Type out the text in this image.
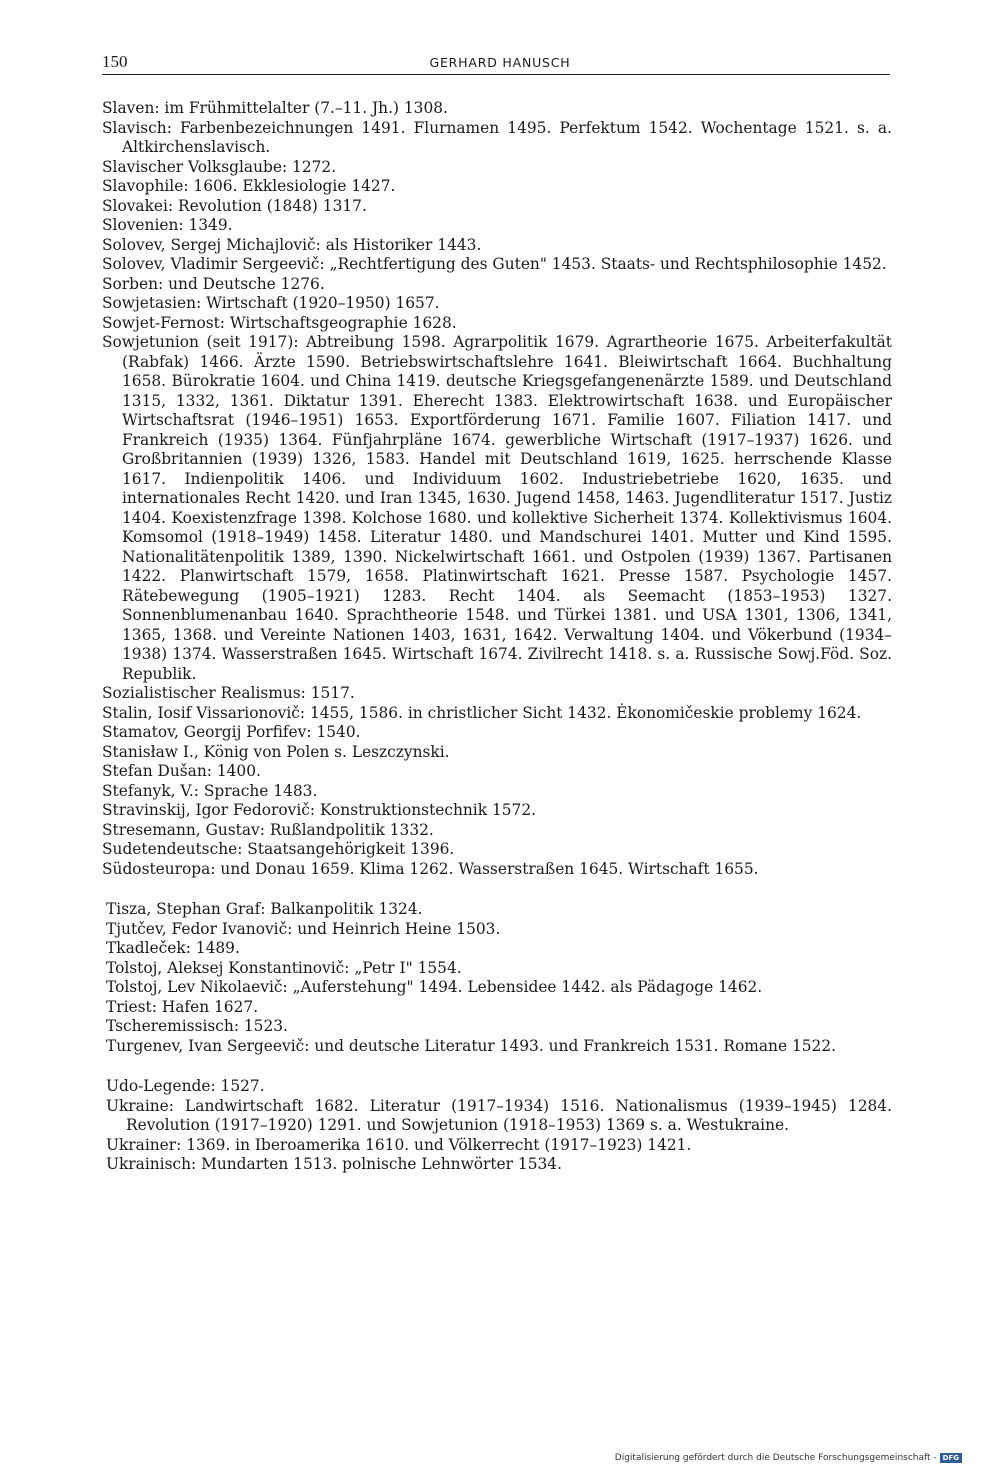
150	GERHARD HANUSCH

Slaven: im Frühmittelalter (7.–11. Jh.) 1308.

Slavisch: Farbenbezeichnungen 1491. Flurnamen 1495. Perfektum 1542. Wochentage 1521. s. a. Altkirchenslavisch.

Slavischer Volksglaube: 1272.

Slavophile: 1606. Ekklesiologie 1427.

Slovakei: Revolution (1848) 1317.

Slovenien: 1349.

Solovev, Sergej Michajlovič: als Historiker 1443.

Solovev, Vladimir Sergeevič: „Rechtfertigung des Guten" 1453. Staats- und Rechtsphilosophie 1452.

Sorben: und Deutsche 1276.

Sowjetasien: Wirtschaft (1920–1950) 1657.

Sowjet-Fernost: Wirtschaftsgeographie 1628.

Sowjetunion (seit 1917): Abtreibung 1598. Agrarpolitik 1679. Agrartheorie 1675. Arbeiterfakultät (Rabfak) 1466. Ärzte 1590. Betriebswirtschaftslehre 1641. Bleiwirtschaft 1664. Buchhaltung 1658. Bürokratie 1604. und China 1419. deutsche Kriegsgefangenenärzte 1589. und Deutschland 1315, 1332, 1361. Diktatur 1391. Eherecht 1383. Elektrowirtschaft 1638. und Europäischer Wirtschaftsrat (1946–1951) 1653. Exportförderung 1671. Familie 1607. Filiation 1417. und Frankreich (1935) 1364. Fünfjahrpläne 1674. gewerbliche Wirtschaft (1917–1937) 1626. und Großbritannien (1939) 1326, 1583. Handel mit Deutschland 1619, 1625. herrschende Klasse 1617. Indienpolitik 1406. und Individuum 1602. Industriebetriebe 1620, 1635. und internationales Recht 1420. und Iran 1345, 1630. Jugend 1458, 1463. Jugendliteratur 1517. Justiz 1404. Koexistenzfrage 1398. Kolchose 1680. und kollektive Sicherheit 1374. Kollektivismus 1604. Komsomol (1918–1949) 1458. Literatur 1480. und Mandschurei 1401. Mutter und Kind 1595. Nationalitätenpolitik 1389, 1390. Nickelwirtschaft 1661. und Ostpolen (1939) 1367. Partisanen 1422. Planwirtschaft 1579, 1658. Platinwirtschaft 1621. Presse 1587. Psychologie 1457. Rätebewegung (1905–1921) 1283. Recht 1404. als Seemacht (1853–1953) 1327. Sonnenblumenanbau 1640. Sprachtheorie 1548. und Türkei 1381. und USA 1301, 1306, 1341, 1365, 1368. und Vereinte Nationen 1403, 1631, 1642. Verwaltung 1404. und Vökerbund (1934–1938) 1374. Wasserstraßen 1645. Wirtschaft 1674. Zivilrecht 1418. s. a. Russische Sowj.Föd. Soz. Republik.

Sozialistischer Realismus: 1517.

Stalin, Iosif Vissarionovič: 1455, 1586. in christlicher Sicht 1432. Ėkonomičeskie problemy 1624.

Stamatov, Georgij Porfifev: 1540.

Stanisław I., König von Polen s. Leszczynski.

Stefan Dušan: 1400.

Stefanyk, V.: Sprache 1483.

Stravinskij, Igor Fedorovič: Konstruktionstechnik 1572.

Stresemann, Gustav: Rußlandpolitik 1332.

Sudetendeutsche: Staatsangehörigkeit 1396.

Südosteuropa: und Donau 1659. Klima 1262. Wasserstraßen 1645. Wirtschaft 1655.

Tisza, Stephan Graf: Balkanpolitik 1324.

Tjutčev, Fedor Ivanovič: und Heinrich Heine 1503.

Tkadleček: 1489.

Tolstoj, Aleksej Konstantinovič: „Petr I" 1554.

Tolstoj, Lev Nikolaevič: „Auferstehung" 1494. Lebensidee 1442. als Pädagoge 1462.

Triest: Hafen 1627.

Tscheremissisch: 1523.

Turgenev, Ivan Sergeevič: und deutsche Literatur 1493. und Frankreich 1531. Romane 1522.

Udo-Legende: 1527.

Ukraine: Landwirtschaft 1682. Literatur (1917–1934) 1516. Nationalismus (1939–1945) 1284. Revolution (1917–1920) 1291. und Sowjetunion (1918–1953) 1369 s. a. Westukraine.

Ukrainer: 1369. in Iberoamerika 1610. und Völkerrecht (1917–1923) 1421.

Ukrainisch: Mundarten 1513. polnische Lehnwörter 1534.

Digitalisierung gefördert durch die Deutsche Forschungsgemeinschaft - DFG
